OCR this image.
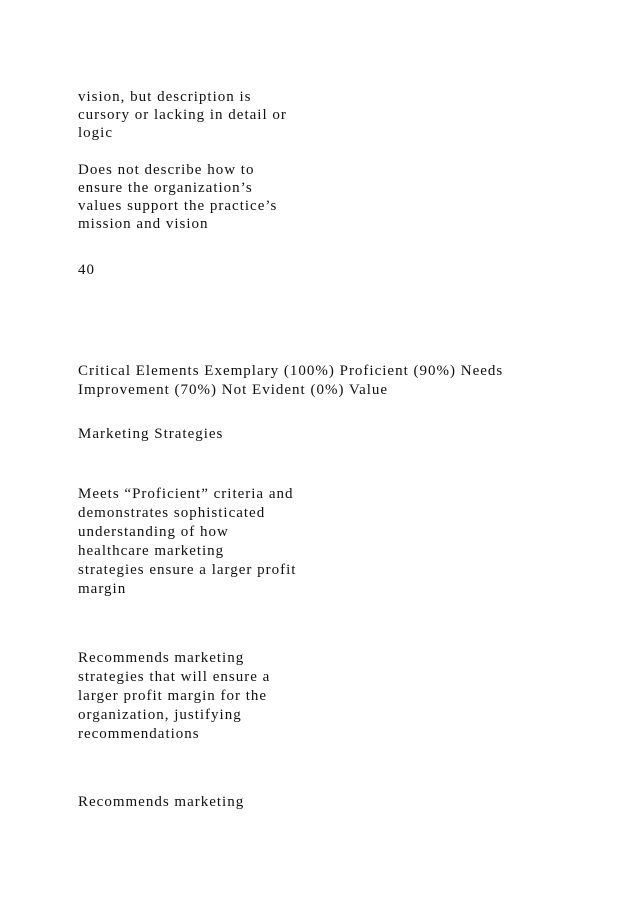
vision, but description is

cursory or lacking in detail or

logic

Does not describe how to

ensure the organization’s

values support the practice’s

mission and vision

40

Critical Elements Exemplary (100%) Proficient (90%) Needs

Improvement (70%) Not Evident (0%) Value

Marketing Strategies

Meets “Proficient” criteria and

demonstrates sophisticated

understanding of how

healthcare marketing

strategies ensure a larger profit

margin

Recommends marketing

strategies that will ensure a

larger profit margin for the

organization, justifying

recommendations

Recommends marketing
